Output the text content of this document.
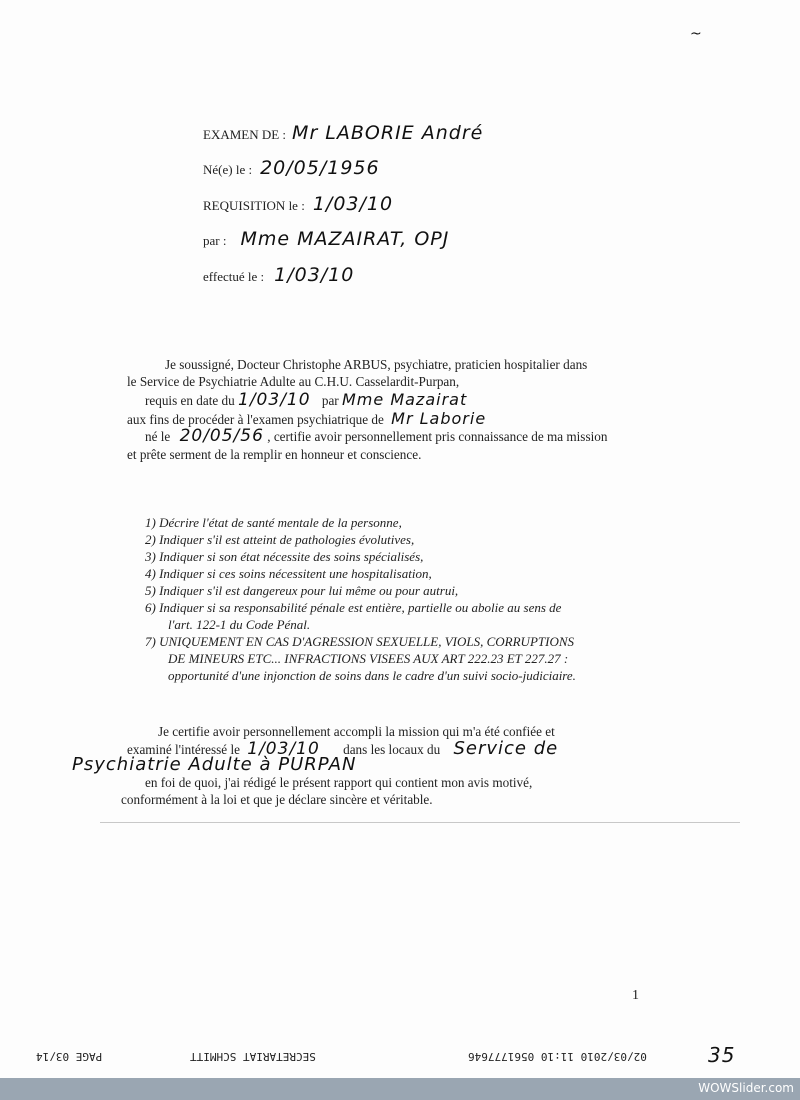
~
EXAMEN DE : Mr LABORIE André
Né(e) le : 20/05/1956
REQUISITION le : 1/03/10
par : Mme MAZAIRAT, OPJ
effectué le : 1/03/10
Je soussigné, Docteur Christophe ARBUS, psychiatre, praticien hospitalier dans
le Service de Psychiatrie Adulte au C.H.U. Casselardit-Purpan,
requis en date du 1/03/10 par Mme Mazairat
aux fins de procéder à l'examen psychiatrique de Mr Laborie
né le 20/05/56 , certifie avoir personnellement pris connaissance de ma mission
et prête serment de la remplir en honneur et conscience.
1) Décrire l'état de santé mentale de la personne,
2) Indiquer s'il est atteint de pathologies évolutives,
3) Indiquer si son état nécessite des soins spécialisés,
4) Indiquer si ces soins nécessitent une hospitalisation,
5) Indiquer s'il est dangereux pour lui même ou pour autrui,
6) Indiquer si sa responsabilité pénale est entière, partielle ou abolie au sens de
l'art. 122-1 du Code Pénal.
7) UNIQUEMENT EN CAS D'AGRESSION SEXUELLE, VIOLS, CORRUPTIONS
DE MINEURS ETC... INFRACTIONS VISEES AUX ART 222.23 ET 227.27 :
opportunité d'une injonction de soins dans le cadre d'un suivi socio-judiciaire.
Je certifie avoir personnellement accompli la mission qui m'a été confiée et
examiné l'intéressé le 1/03/10 dans les locaux du Service de
Psychiatrie Adulte à PURPAN
en foi de quoi, j'ai rédigé le présent rapport qui contient mon avis motivé,
conformément à la loi et que je déclare sincère et véritable.
1
PAGE 03/14	SECRETARIAT SCHMITT	02/03/2010 11:10 0561777646	35
WOWSlider.com
